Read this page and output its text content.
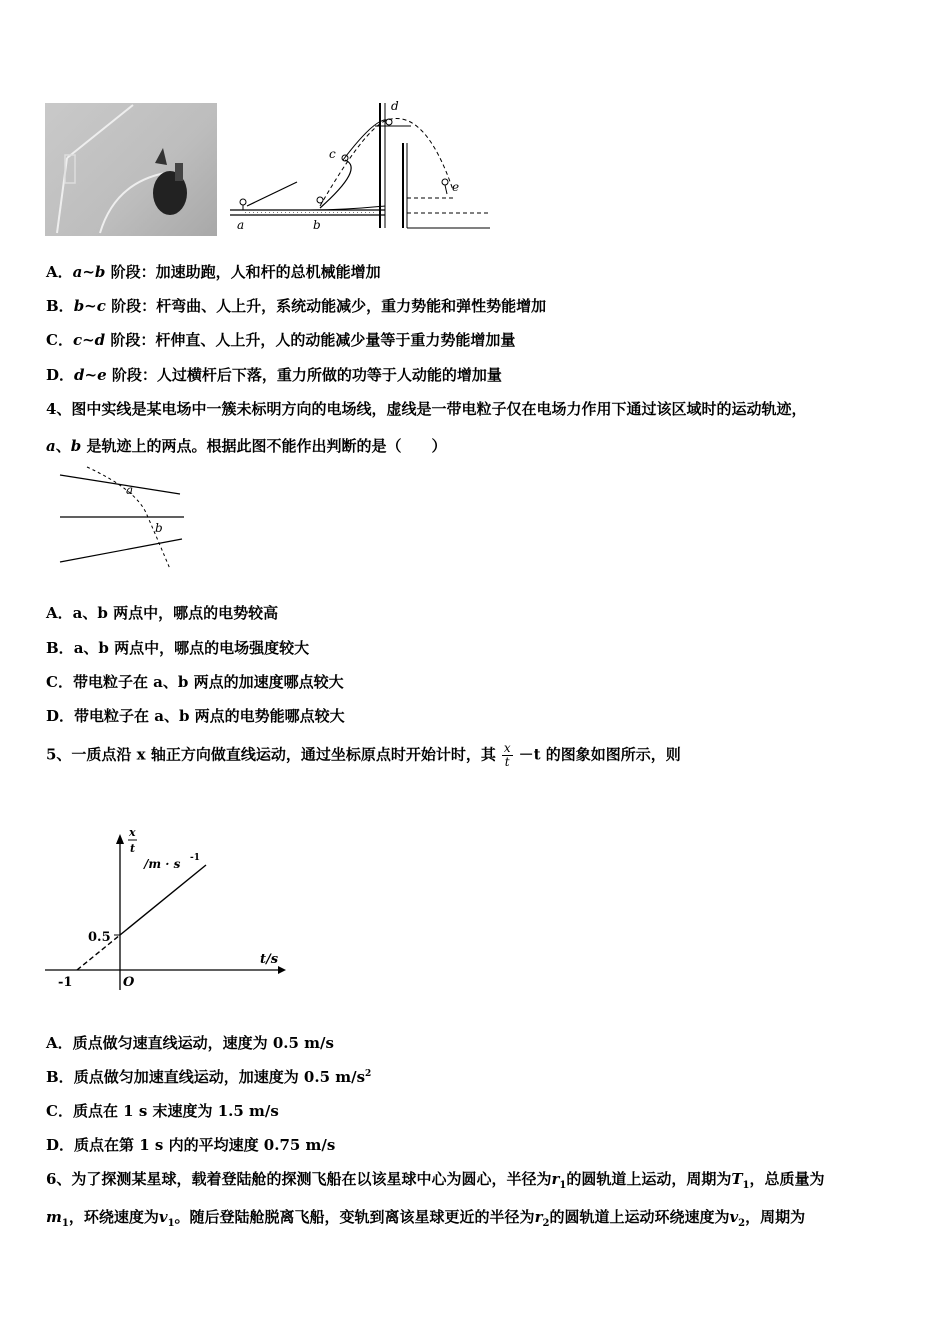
a	b
c
d
e
A．a~b 阶段：加速助跑，人和杆的总机械能增加
B．b~c 阶段：杆弯曲、人上升，系统动能减少，重力势能和弹性势能增加
C．c~d 阶段：杆伸直、人上升，人的动能减少量等于重力势能增加量
D．d~e 阶段：人过横杆后下落，重力所做的功等于人动能的增加量
4、图中实线是某电场中一簇未标明方向的电场线，虚线是一带电粒子仅在电场力作用下通过该区域时的运动轨迹，
a、b 是轨迹上的两点。根据此图不能作出判断的是（　　）
a
b
A．a、b 两点中，哪点的电势较高
B．a、b 两点中，哪点的电场强度较大
C．带电粒子在 a、b 两点的加速度哪点较大
D．带电粒子在 a、b 两点的电势能哪点较大
5、一质点沿 x 轴正方向做直线运动，通过坐标原点时开始计时，其 $\frac{x}{t} -t$ 的图象如图所示，则
x
t
/m · s -1
t/s
0.5
-1	O
A．质点做匀速直线运动，速度为 0.5 m/s
B．质点做匀加速直线运动，加速度为 0.5 $m/s^2$
C．质点在 1 s 末速度为 1.5 m/s
D．质点在第 1 s 内的平均速度 0.75 m/s
6、为了探测某星球，载着登陆舱的探测飞船在以该星球中心为圆心，半径为$r_1$的圆轨道上运动，周期为$T_1$，总质量为
$m_1$，环绕速度为$v_1$。随后登陆舱脱离飞船，变轨到离该星球更近的半径为$r_2$的圆轨道上运动环绕速度为$v_2$，周期为
